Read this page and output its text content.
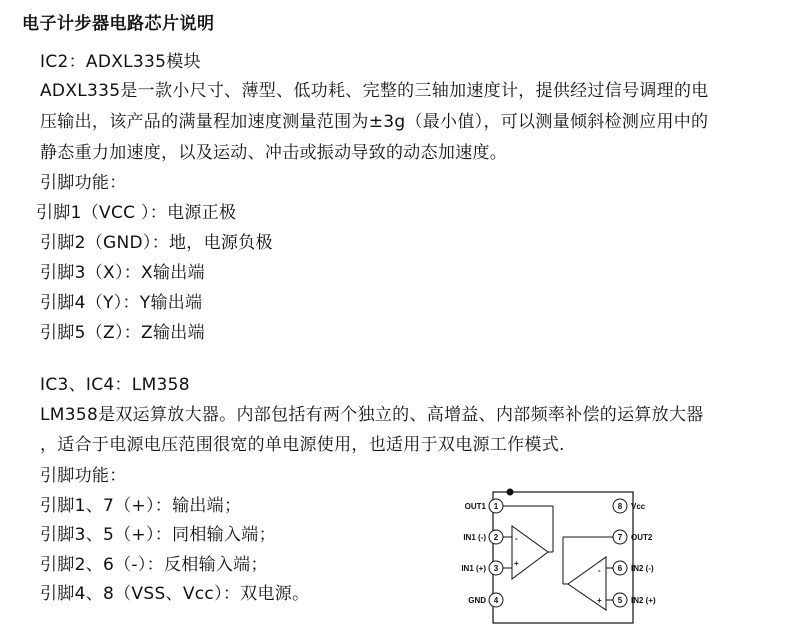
电子计步器电路芯片说明
IC2：ADXL335模块
ADXL335是一款小尺寸、薄型、低功耗、完整的三轴加速度计，提供经过信号调理的电
压输出，该产品的满量程加速度测量范围为±3g（最小值），可以测量倾斜检测应用中的
静态重力加速度，以及运动、冲击或振动导致的动态加速度。
引脚功能：
引脚1（VCC ）：电源正极
引脚2（GND）：地，电源负极
引脚3（X）：X输出端
引脚4（Y）：Y输出端
引脚5（Z）：Z输出端
IC3、IC4：LM358
LM358是双运算放大器。内部包括有两个独立的、高增益、内部频率补偿的运算放大器
，适合于电源电压范围很宽的单电源使用，也适用于双电源工作模式.
引脚功能：
引脚1、7（+）：输出端；
引脚3、5（+）：同相输入端；
引脚2、6（-）：反相输入端；
引脚4、8（VSS、Vcc）：双电源。
1
2
3
4
8
7
6
5
OUT1
IN1 (-)
IN1 (+)
GND
Vcc
OUT2
IN2 (-)
IN2 (+)
-
+
-
+
